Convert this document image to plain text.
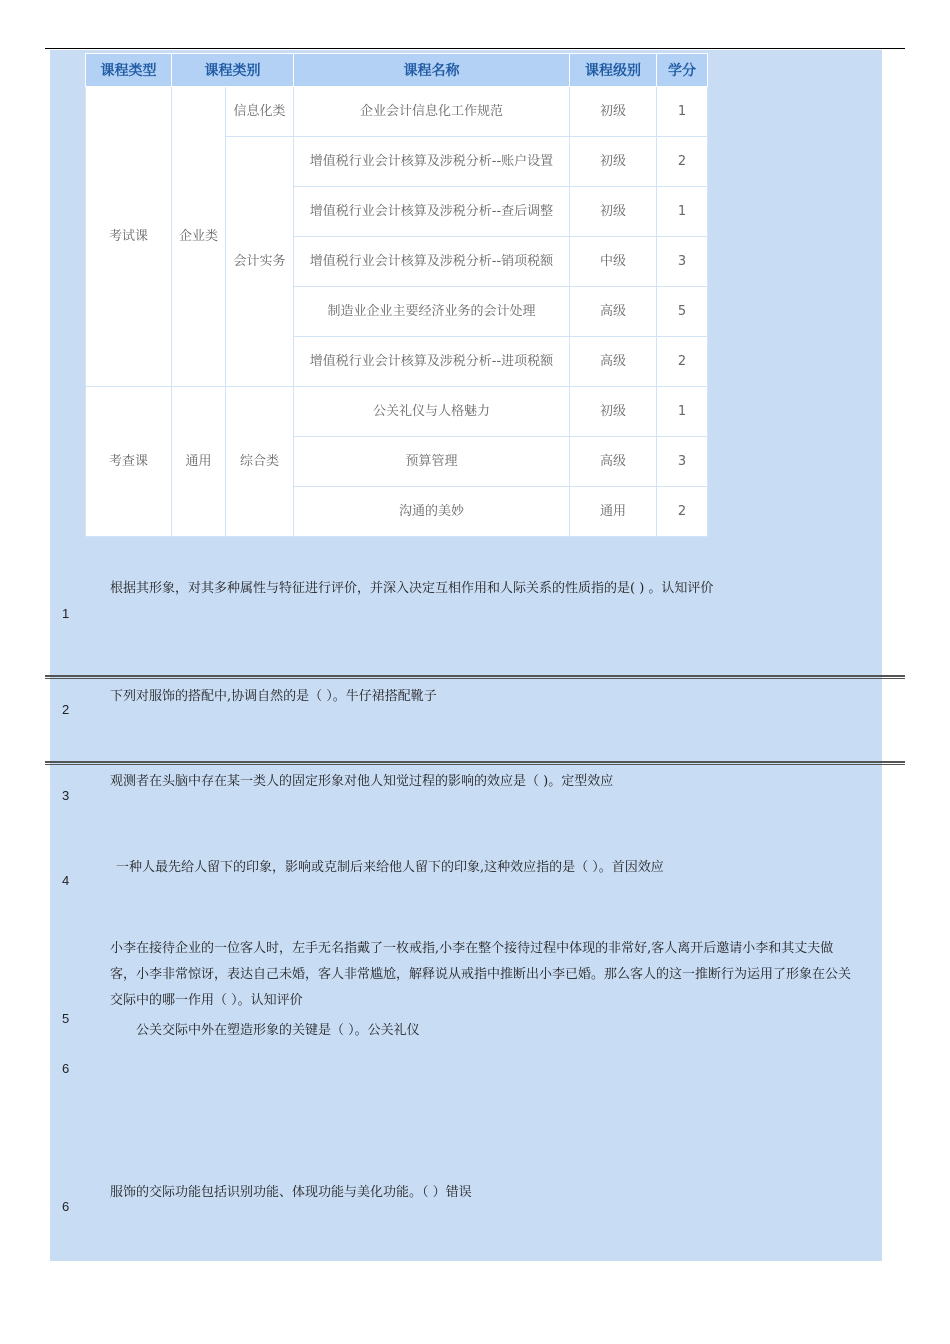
课程类型	课程类别		课程名称	课程级别	学分
考试课	企业类	信息化类	企业会计信息化工作规范	初级	1
		会计实务	增值税行业会计核算及涉税分析--账户设置	初级	2
			增值税行业会计核算及涉税分析--查后调整	初级	1
			增值税行业会计核算及涉税分析--销项税额	中级	3
			制造业企业主要经济业务的会计处理	高级	5
			增值税行业会计核算及涉税分析--进项税额	高级	2
考查课	通用	综合类	公关礼仪与人格魅力	初级	1
			预算管理	高级	3
			沟通的美妙	通用	2
1
根据其形象，对其多种属性与特征进行评价，并深入决定互相作用和人际关系的性质指的是( ) 。认知评价
2
下列对服饰的搭配中,协调自然的是（ ）。牛仔裙搭配靴子
3
观测者在头脑中存在某一类人的固定形象对他人知觉过程的影响的效应是（ )。定型效应
4
一种人最先给人留下的印象，影响或克制后来给他人留下的印象,这种效应指的是（ ）。首因效应
5
小李在接待企业的一位客人时，左手无名指戴了一枚戒指,小李在整个接待过程中体现的非常好,客人离开后邀请小李和其丈夫做客，小李非常惊讶，表达自己未婚，客人非常尴尬，解释说从戒指中推断出小李已婚。那么客人的这一推断行为运用了形象在公关交际中的哪一作用（ ）。认知评价
公关交际中外在塑造形象的关键是（ ）。公关礼仪
6
服饰的交际功能包括识别功能、体现功能与美化功能。（ ）错误
6
